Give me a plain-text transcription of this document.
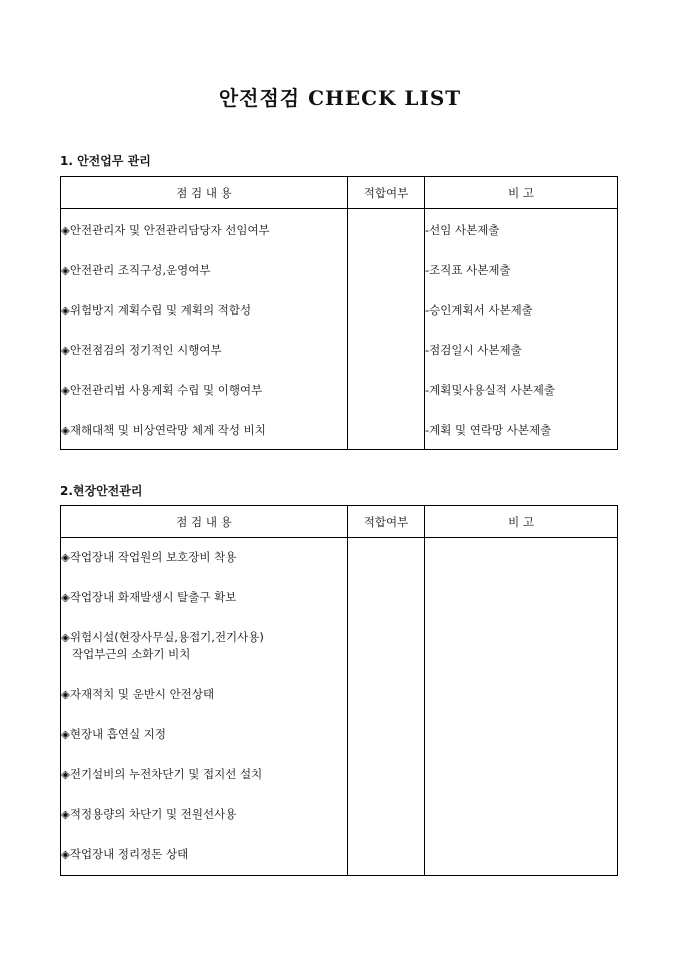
안전점검 CHECK LIST
1. 안전업무 관리
점 검 내 용	적합여부	비 고
◈안전관리자 및 안전관리담당자 선임여부		-선임 사본제출
◈안전관리 조직구성,운영여부		-조직표 사본제출
◈위험방지 계획수립 및 계획의 적합성		-승인계획서 사본제출
◈안전점검의 정기적인 시행여부		-점검일시 사본제출
◈안전관리법 사용계획 수립 및 이행여부		-계획및사용실적 사본제출
◈재해대책 및 비상연락망 체계 작성 비치		-계획 및 연락망 사본제출
2.현장안전관리
점 검 내 용	적합여부	비 고
◈작업장내 작업원의 보호장비 착용		
◈작업장내 화재발생시 탈출구 확보		
◈위험시설(현장사무실,용접기,전기사용)
작업부근의 소화기 비치		

◈자재적치 및 운반시 안전상태		
◈현장내 흡연실 지정		
◈전기설비의 누전차단기 및 접지선 설치		
◈적정용량의 차단기 및 전원선사용		
◈작업장내 정리정돈 상태		
